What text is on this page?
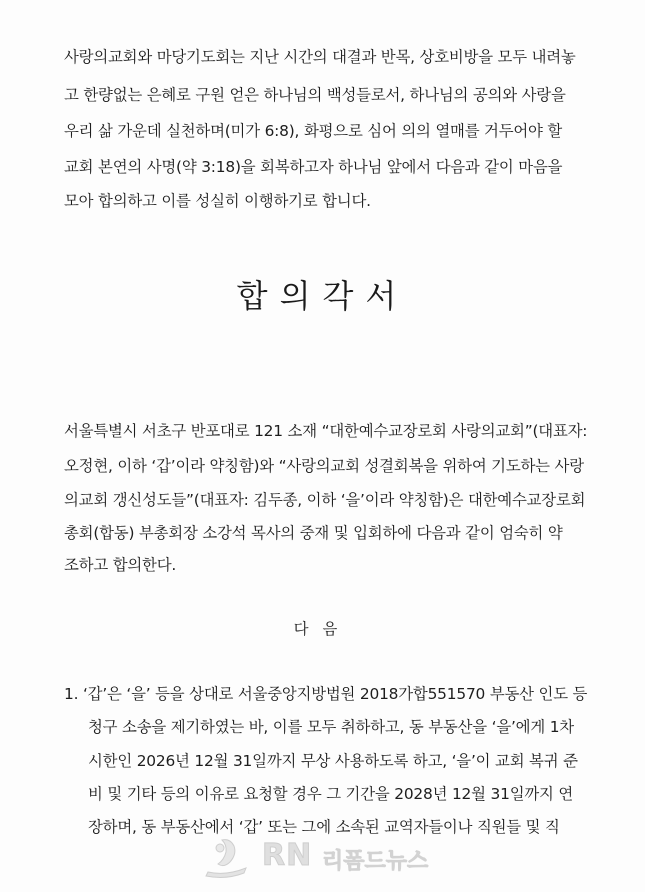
사랑의교회와 마당기도회는 지난 시간의 대결과 반목, 상호비방을 모두 내려놓
고 한량없는 은혜로 구원 얻은 하나님의 백성들로서, 하나님의 공의와 사랑을
우리 삶 가운데 실천하며(미가 6:8), 화평으로 심어 의의 열매를 거두어야 할
교회 본연의 사명(약 3:18)을 회복하고자 하나님 앞에서 다음과 같이 마음을
모아 합의하고 이를 성실히 이행하기로 합니다.
합의각서
서울특별시 서초구 반포대로 121 소재 “대한예수교장로회 사랑의교회”(대표자:
오정현, 이하 ‘갑’이라 약칭함)와 “사랑의교회 성결회복을 위하여 기도하는 사랑
의교회 갱신성도들”(대표자: 김두종, 이하 ‘을’이라 약칭함)은 대한예수교장로회
총회(합동) 부총회장 소강석 목사의 중재 및 입회하에 다음과 같이 엄숙히 약
조하고 합의한다.
다음
1. ‘갑’은 ‘을’ 등을 상대로 서울중앙지방법원 2018가합551570 부동산 인도 등
청구 소송을 제기하였는 바, 이를 모두 취하하고, 동 부동산을 ‘을’에게 1차
시한인 2026년 12월 31일까지 무상 사용하도록 하고, ‘을’이 교회 복귀 준
비 및 기타 등의 이유로 요청할 경우 그 기간을 2028년 12월 31일까지 연
장하며, 동 부동산에서 ‘갑’ 또는 그에 소속된 교역자들이나 직원들 및 직
RN 리폼드뉴스
